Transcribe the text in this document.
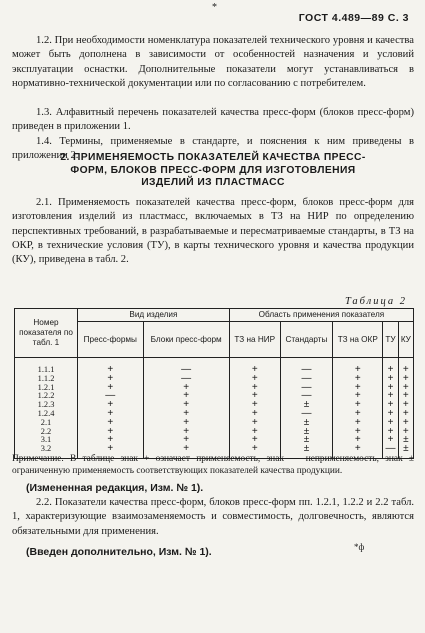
*
ГОСТ 4.489—89 С. 3
1.2. При необходимости номенклатура показателей технического уровня и качества может быть дополнена в зависимости от особенностей назначения и условий эксплуатации оснастки. Дополнительные показатели могут устанавливаться в нормативно-технической документации или по согласованию с потребителем.
1.3. Алфавитный перечень показателей качества пресс-форм (блоков пресс-форм) приведен в приложении 1.
1.4. Термины, применяемые в стандарте, и пояснения к ним приведены в приложении 2.
2. ПРИМЕНЯЕМОСТЬ ПОКАЗАТЕЛЕЙ КАЧЕСТВА ПРЕСС-ФОРМ, БЛОКОВ ПРЕСС-ФОРМ ДЛЯ ИЗГОТОВЛЕНИЯ ИЗДЕЛИЙ ИЗ ПЛАСТМАСС
2.1. Применяемость показателей качества пресс-форм, блоков пресс-форм для изготовления изделий из пластмасс, включаемых в ТЗ на НИР по определению перспективных требований, в разрабатываемые и пересматриваемые стандарты, в ТЗ на ОКР, в технические условия (ТУ), в карты технического уровня и качества продукции (КУ), приведена в табл. 2.
Таблица 2
Номер показателя по табл. 1	Вид изделия		Область применения показателя				
	Пресс-формы	Блоки пресс-форм	ТЗ на НИР	Стандарты	ТЗ на ОКР	ТУ	КУ
1.1.1	+	—	+	—	+	+	+
1.1.2	+	—	+	—	+	+	+
1.2.1	+	+	+	—	+	+	+
1.2.2	—	+	+	—	+	+	+
1.2.3	+	+	+	±	+	+	+
1.2.4	+	+	+	—	+	+	+
2.1	+	+	+	±	+	+	+
2.2	+	+	+	±	+	+	+
3.1	+	+	+	±	+	+	±
3.2	+	+	+	±	+	—	±
Примечание. В таблице знак + означает применяемость, знак — неприменяемость, знак ± ограниченную применяемость соответствующих показателей качества продукции.
(Измененная редакция, Изм. № 1).
2.2. Показатели качества пресс-форм, блоков пресс-форм пп. 1.2.1, 1.2.2 и 2.2 табл. 1, характеризующие взаимозаменяемость и совместимость, долговечность, являются обязательными для применения.
(Введен дополнительно, Изм. № 1).	*ф
